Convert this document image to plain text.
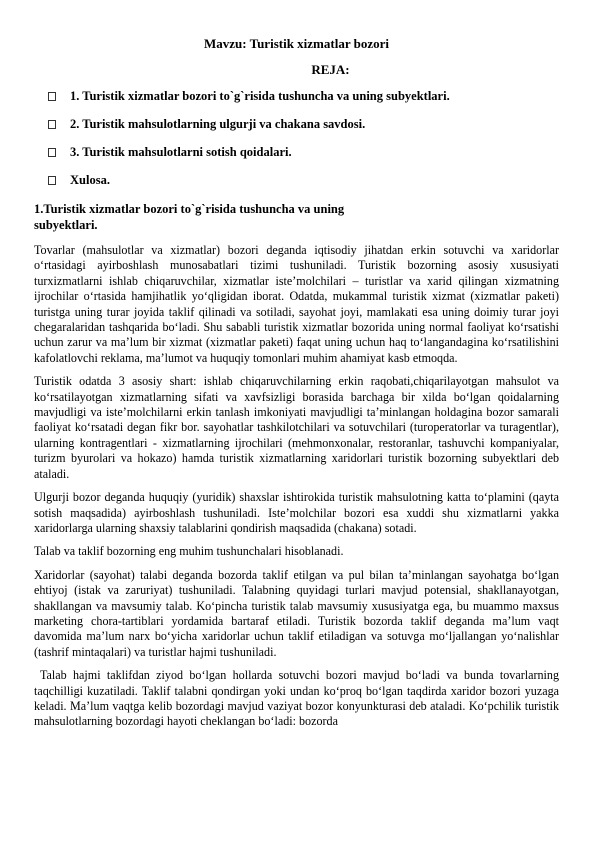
Mavzu: Turistik xizmatlar bozori
REJA:
1. Turistik xizmatlar bozori to`g`risida tushuncha va uning subyektlari.
2. Turistik mahsulotlarning ulgurji va chakana savdosi.
3. Turistik mahsulotlarni sotish qoidalari.
Xulosa.
1.Turistik xizmatlar bozori to`g`risida tushuncha va uning subyektlari.

Tovarlar (mahsulotlar va xizmatlar) bozori deganda iqtisodiy jihatdan erkin sotuvchi va xaridorlar o‘rtasidagi ayirboshlash munosabatlari tizimi tushuniladi. Turistik bozorning asosiy xususiyati turxizmatlarni ishlab chiqaruvchilar, xizmatlar iste’molchilari – turistlar va xarid qilingan xizmatning ijrochilar o‘rtasida hamjihatlik yo‘qligidan iborat. Odatda, mukammal turistik xizmat (xizmatlar paketi) turistga uning turar joyida taklif qilinadi va sotiladi, sayohat joyi, mamlakati esa uning doimiy turar joyi chegaralaridan tashqarida bo‘ladi. Shu sababli turistik xizmatlar bozorida uning normal faoliyat ko‘rsatishi uchun zarur va ma’lum bir xizmat (xizmatlar paketi) faqat uning uchun haq to‘langandagina ko‘rsatilishini kafolatlovchi reklama, ma’lumot va huquqiy tomonlari muhim ahamiyat kasb etmoqda.

Turistik odatda 3 asosiy shart: ishlab chiqaruvchilarning erkin raqobati,chiqarilayotgan mahsulot va ko‘rsatilayotgan xizmatlarning sifati va xavfsizligi borasida barchaga bir xilda bo‘lgan qoidalarning mavjudligi va iste’molchilarni erkin tanlash imkoniyati mavjudligi ta’minlangan holdagina bozor samarali faoliyat ko‘rsatadi degan fikr bor. sayohatlar tashkilotchilari va sotuvchilari (turoperatorlar va turagentlar), ularning kontragentlari - xizmatlarning ijrochilari (mehmonxonalar, restoranlar, tashuvchi kompaniyalar, turizm byurolari va hokazo) hamda turistik xizmatlarning xaridorlari turistik bozorning subyektlari deb ataladi.

Ulgurji bozor deganda huquqiy (yuridik) shaxslar ishtirokida turistik mahsulotning katta to‘plamini (qayta sotish maqsadida) ayirboshlash tushuniladi. Iste’molchilar bozori esa xuddi shu xizmatlarni yakka xaridorlarga ularning shaxsiy talablarini qondirish maqsadida (chakana) sotadi.

Talab va taklif bozorning eng muhim tushunchalari hisoblanadi.

Xaridorlar (sayohat) talabi deganda bozorda taklif etilgan va pul bilan ta’minlangan sayohatga bo‘lgan ehtiyoj (istak va zaruriyat) tushuniladi. Talabning quyidagi turlari mavjud potensial, shakllanayotgan, shakllangan va mavsumiy talab. Ko‘pincha turistik talab mavsumiy xususiyatga ega, bu muammo maxsus marketing chora-tartiblari yordamida bartaraf etiladi. Turistik bozorda taklif deganda ma’lum vaqt davomida ma’lum narx bo‘yicha xaridorlar uchun taklif etiladigan va sotuvga mo‘ljallangan yo‘nalishlar (tashrif mintaqalari) va turistlar hajmi tushuniladi.

Talab hajmi taklifdan ziyod bo‘lgan hollarda sotuvchi bozori mavjud bo‘ladi va bunda tovarlarning taqchilligi kuzatiladi. Taklif talabni qondirgan yoki undan ko‘proq bo‘lgan taqdirda xaridor bozori yuzaga keladi. Ma’lum vaqtga kelib bozordagi mavjud vaziyat bozor konyunkturasi deb ataladi. Ko‘pchilik turistik mahsulotlarning bozordagi hayoti cheklangan bo‘ladi: bozorda
